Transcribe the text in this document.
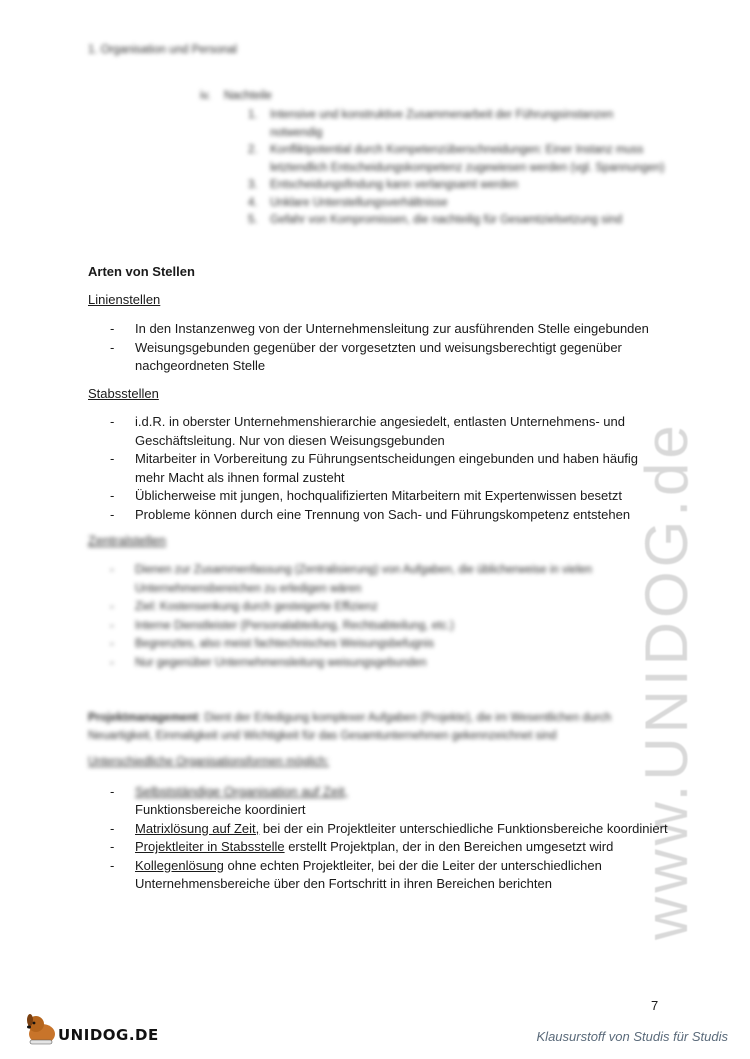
www.UNIDOG.de
1. Organisation und Personal
iv. Nachteile
1. Intensive und konstruktive Zusammenarbeit der Führungsinstanzen notwendig
2. Konfliktpotential durch Kompetenzüberschneidungen: Einer Instanz muss letztendlich Entscheidungskompetenz zugewiesen werden (vgl. Spannungen)
3. Entscheidungsfindung kann verlangsamt werden
4. Unklare Unterstellungsverhältnisse
5. Gefahr von Kompromissen, die nachteilig für Gesamtzielsetzung sind
Arten von Stellen
Linienstellen
- In den Instanzenweg von der Unternehmensleitung zur ausführenden Stelle eingebunden
- Weisungsgebunden gegenüber der vorgesetzten und weisungsberechtigt gegenüber nachgeordneten Stelle
Stabsstellen
- i.d.R. in oberster Unternehmenshierarchie angesiedelt, entlasten Unternehmens- und Geschäftsleitung. Nur von diesen Weisungsgebunden
- Mitarbeiter in Vorbereitung zu Führungsentscheidungen eingebunden und haben häufig mehr Macht als ihnen formal zusteht
- Üblicherweise mit jungen, hochqualifizierten Mitarbeitern mit Expertenwissen besetzt
- Probleme können durch eine Trennung von Sach- und Führungskompetenz entstehen
Zentralstellen
- Dienen zur Zusammenfassung (Zentralisierung) von Aufgaben, die üblicherweise in vielen Unternehmensbereichen zu erledigen wären
- Ziel: Kostensenkung durch gesteigerte Effizienz
- Interne Dienstleister (Personalabteilung, Rechtsabteilung, etc.)
- Begrenztes, also meist fachtechnisches Weisungsbefugnis
- Nur gegenüber Unternehmensleitung weisungsgebunden
Projektmanagement: Dient der Erledigung komplexer Aufgaben (Projekte), die im Wesentlichen durch Neuartigkeit, Einmaligkeit und Wichtigkeit für das Gesamtunternehmen gekennzeichnet sind
Unterschiedliche Organisationsformen möglich:
- Selbstständige Organisation auf Zeit,
Funktionsbereiche koordiniert
- Matrixlösung auf Zeit, bei der ein Projektleiter unterschiedliche Funktionsbereiche koordiniert
- Projektleiter in Stabsstelle erstellt Projektplan, der in den Bereichen umgesetzt wird
- Kollegenlösung ohne echten Projektleiter, bei der die Leiter der unterschiedlichen Unternehmensbereiche über den Fortschritt in ihren Bereichen berichten
7
UNIDOG.DE	Klausurstoff von Studis für Studis
